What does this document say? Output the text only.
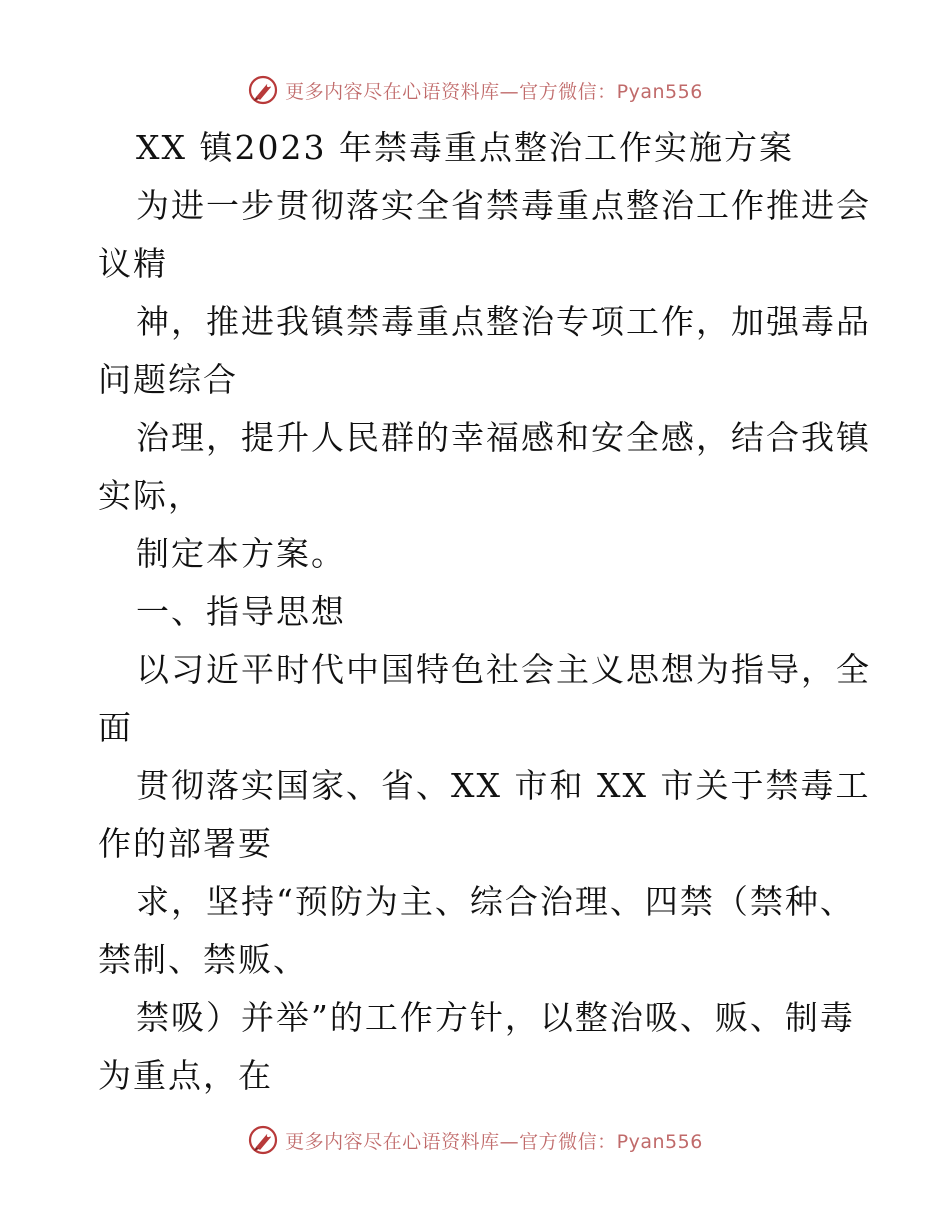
更多内容尽在心语资料库—官方微信：Pyan556
XX 镇2023 年禁毒重点整治工作实施方案
为进一步贯彻落实全省禁毒重点整治工作推进会
议精
神，推进我镇禁毒重点整治专项工作，加强毒品
问题综合
治理，提升人民群的幸福感和安全感，结合我镇
实际，
制定本方案。
一、指导思想
以习近平时代中国特色社会主义思想为指导，全
面
贯彻落实国家、省、XX 市和 XX 市关于禁毒工
作的部署要
求，坚持“预防为主、综合治理、四禁（禁种、
禁制、禁贩、
禁吸）并举”的工作方针，以整治吸、贩、制毒
为重点，在
更多内容尽在心语资料库—官方微信：Pyan556
